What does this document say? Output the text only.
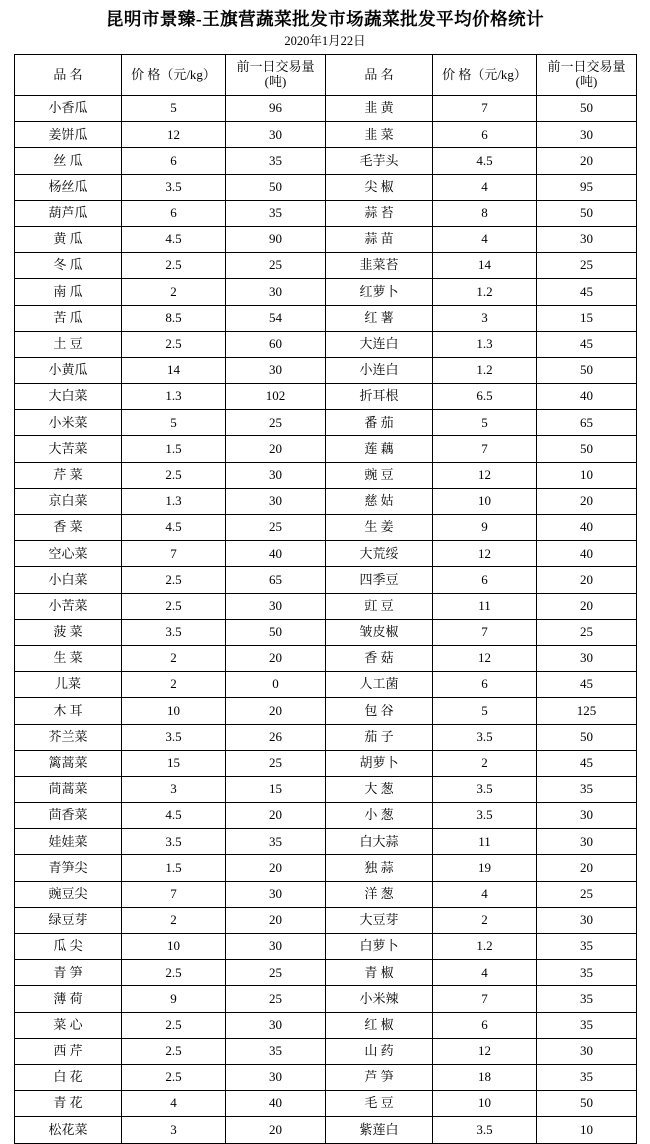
昆明市景臻-王旗营蔬菜批发市场蔬菜批发平均价格统计
2020年1月22日
品 名	价 格（元/kg）	前一日交易量(吨)	品 名	价 格（元/kg）	前一日交易量(吨)
小香瓜	5	96	韭 黄	7	50
姜饼瓜	12	30	韭 菜	6	30
丝 瓜	6	35	毛芋头	4.5	20
杨丝瓜	3.5	50	尖 椒	4	95
葫芦瓜	6	35	蒜 苔	8	50
黄 瓜	4.5	90	蒜 苗	4	30
冬 瓜	2.5	25	韭菜苔	14	25
南 瓜	2	30	红萝卜	1.2	45
苦 瓜	8.5	54	红 薯	3	15
土 豆	2.5	60	大连白	1.3	45
小黄瓜	14	30	小连白	1.2	50
大白菜	1.3	102	折耳根	6.5	40
小米菜	5	25	番 茄	5	65
大苦菜	1.5	20	莲 藕	7	50
芹 菜	2.5	30	豌 豆	12	10
京白菜	1.3	30	慈 姑	10	20
香 菜	4.5	25	生 姜	9	40
空心菜	7	40	大荒绥	12	40
小白菜	2.5	65	四季豆	6	20
小苦菜	2.5	30	豇 豆	11	20
菠 菜	3.5	50	皱皮椒	7	25
生 菜	2	20	香 菇	12	30
儿菜	2	0	人工菌	6	45
木 耳	10	20	包 谷	5	125
芥兰菜	3.5	26	茄 子	3.5	50
篱蒿菜	15	25	胡萝卜	2	45
茼蒿菜	3	15	大 葱	3.5	35
茴香菜	4.5	20	小 葱	3.5	30
娃娃菜	3.5	35	白大蒜	11	30
青笋尖	1.5	20	独 蒜	19	20
豌豆尖	7	30	洋 葱	4	25
绿豆芽	2	20	大豆芽	2	30
瓜 尖	10	30	白萝卜	1.2	35
青 笋	2.5	25	青 椒	4	35
薄 荷	9	25	小米辣	7	35
菜 心	2.5	30	红 椒	6	35
西 芹	2.5	35	山 药	12	30
白 花	2.5	30	芦 笋	18	35
青 花	4	40	毛 豆	10	50
松花菜	3	20	紫莲白	3.5	10
